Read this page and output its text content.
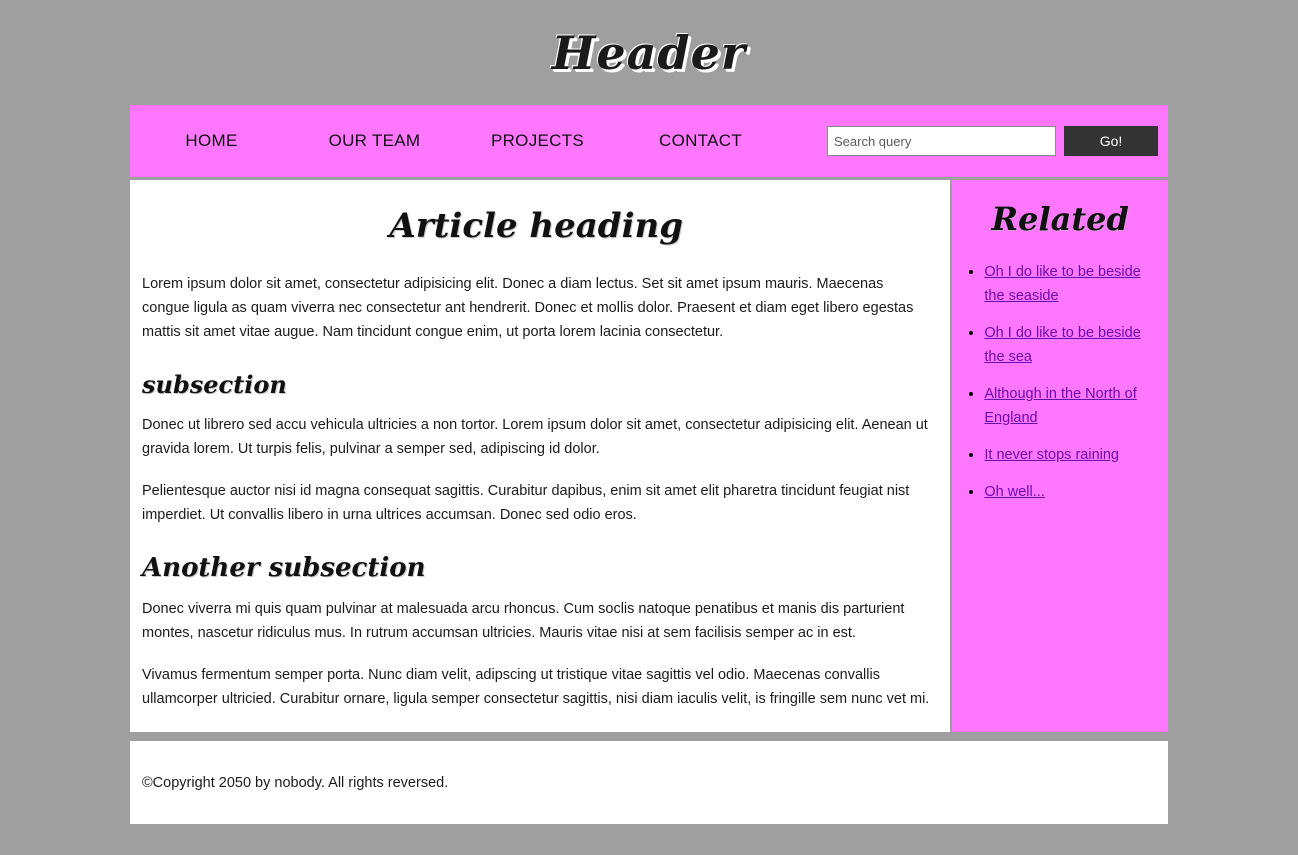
Header
HOME	OUR TEAM	PROJECTS	CONTACT
Search query	Go!
Article heading

Lorem ipsum dolor sit amet, consectetur adipisicing elit. Donec a diam lectus. Set sit amet ipsum mauris. Maecenas congue ligula as quam viverra nec consectetur ant hendrerit. Donec et mollis dolor. Praesent et diam eget libero egestas mattis sit amet vitae augue. Nam tincidunt congue enim, ut porta lorem lacinia consectetur.

subsection

Donec ut librero sed accu vehicula ultricies a non tortor. Lorem ipsum dolor sit amet, consectetur adipisicing elit. Aenean ut gravida lorem. Ut turpis felis, pulvinar a semper sed, adipiscing id dolor.

Pelientesque auctor nisi id magna consequat sagittis. Curabitur dapibus, enim sit amet elit pharetra tincidunt feugiat nist imperdiet. Ut convallis libero in urna ultrices accumsan. Donec sed odio eros.

Another subsection

Donec viverra mi quis quam pulvinar at malesuada arcu rhoncus. Cum soclis natoque penatibus et manis dis parturient montes, nascetur ridiculus mus. In rutrum accumsan ultricies. Mauris vitae nisi at sem facilisis semper ac in est.

Vivamus fermentum semper porta. Nunc diam velit, adipscing ut tristique vitae sagittis vel odio. Maecenas convallis ullamcorper ultricied. Curabitur ornare, ligula semper consectetur sagittis, nisi diam iaculis velit, is fringille sem nunc vet mi.

Related
• Oh I do like to be beside the seaside
• Oh I do like to be beside the sea
• Although in the North of England
• It never stops raining
• Oh well...

©Copyright 2050 by nobody. All rights reversed.
